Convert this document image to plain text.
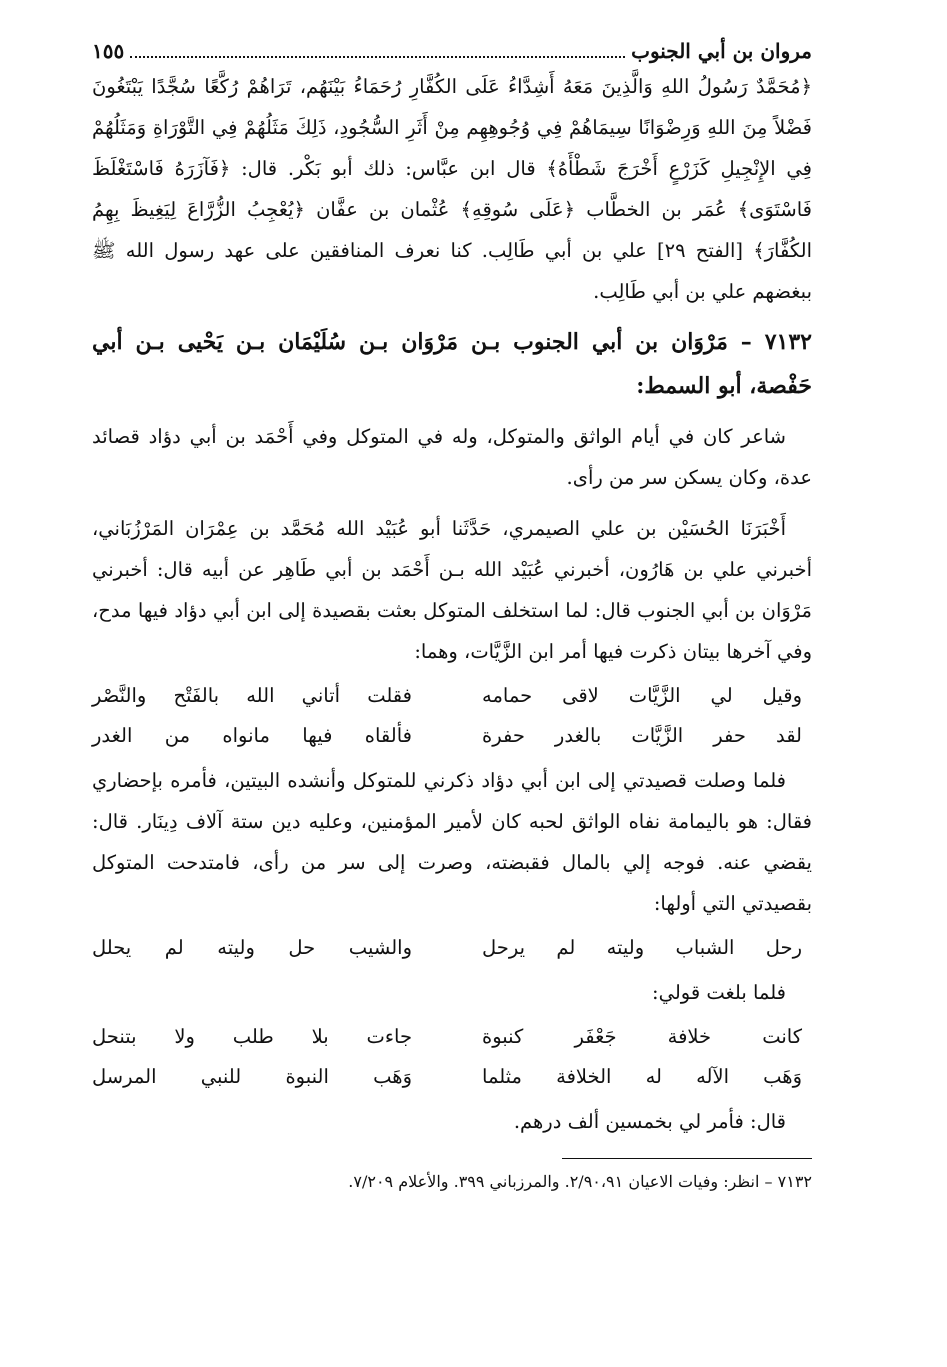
مروان بن أبي الجنوب
١٥٥

﴿مُحَمَّدٌ رَسُولُ اللهِ وَالَّذِينَ مَعَهُ أَشِدَّاءُ عَلَى الكُفَّارِ رُحَمَاءُ بَيْنَهُم، تَرَاهُمْ رُكَّعًا سُجَّدًا يَبْتَغُونَ فَضْلاً مِنَ اللهِ وَرِضْوَانًا سِيمَاهُمْ فِي وُجُوهِهِم مِنْ أَثَرِ السُّجُودِ، ذَلِكَ مَثَلُهُمْ فِي التَّوْرَاةِ وَمَثَلُهُمْ فِي الإِنْجِيلِ كَزَرْعٍ أَخْرَجَ شَطْأَهُ﴾ قال ابن عبَّاس: ذلك أبو بَكْر. قال: ﴿فَآزَرَهُ فَاسْتَغْلَظَ فَاسْتَوَى﴾ عُمَر بن الخطَّاب ﴿عَلَى سُوقِهِ﴾ عُثْمان بن عفَّان ﴿يُعْجِبُ الزُّرَّاعَ لِيَغِيظَ بِهِمُ الكُفَّارَ﴾ [الفتح ٢٩] علي بن أبي طَالِب. كنا نعرف المنافقين على عهد رسول الله ﷺ ببغضهم علي بن أبي طَالِب.

٧١٣٢ – مَرْوَان بن أبي الجنوب بـن مَرْوَان بـن سُلَيْمَان بـن يَحْيى بـن أبي حَفْصة، أبو السمط:

شاعر كان في أيام الواثق والمتوكل، وله في المتوكل وفي أَحْمَد بن أبي دؤاد قصائد عدة، وكان يسكن سر من رأى.

أَخْبَرَنَا الحُسَيْن بن علي الصيمري، حَدَّثَنا أبو عُبَيْد الله مُحَمَّد بن عِمْرَان المَرْزُبَاني، أخبرني علي بن هَارُون، أخبرني عُبَيْد الله بـن أَحْمَد بن أبي طَاهِر عن أبيه قال: أخبرني مَرْوَان بن أبي الجنوب قال: لما استخلف المتوكل بعثت بقصيدة إلى ابن أبي دؤاد فيها مدح، وفي آخرها بيتان ذكرت فيها أمر ابن الزَّيَّات، وهما:

وقيل لي الزَّيَّات لاقى حمامه
فقلت أتاني الله بالفَتْح والنَّصْر
لقد حفر الزَّيَّات بالغدر حفرة
فألقاه فيها مانواه من الغدر

فلما وصلت قصيدتي إلى ابن أبي دؤاد ذكرني للمتوكل وأنشده البيتين، فأمره بإحضاري فقال: هو باليمامة نفاه الواثق لحبه كان لأمير المؤمنين، وعليه دين ستة آلاف دِينَار. قال: يقضي عنه. فوجه إلي بالمال فقبضته، وصرت إلى سر من رأى، فامتدحت المتوكل بقصيدتي التي أولها:

رحل الشباب وليته لم يرحل
والشيب حل وليته لم يحلل

فلما بلغت قولي:

كانت خلافة جَعْفَر كنبوة
جاءت بلا طلب ولا بتنحل
وَهَب الآله له الخلافة مثلما
وَهَب النبوة للنبي المرسل

قال: فأمر لي بخمسين ألف درهم.

٧١٣٢ – انظر: وفيات الاعيان ٢/٩٠،٩١. والمرزباني ٣٩٩. والأعلام ٧/٢٠٩.
